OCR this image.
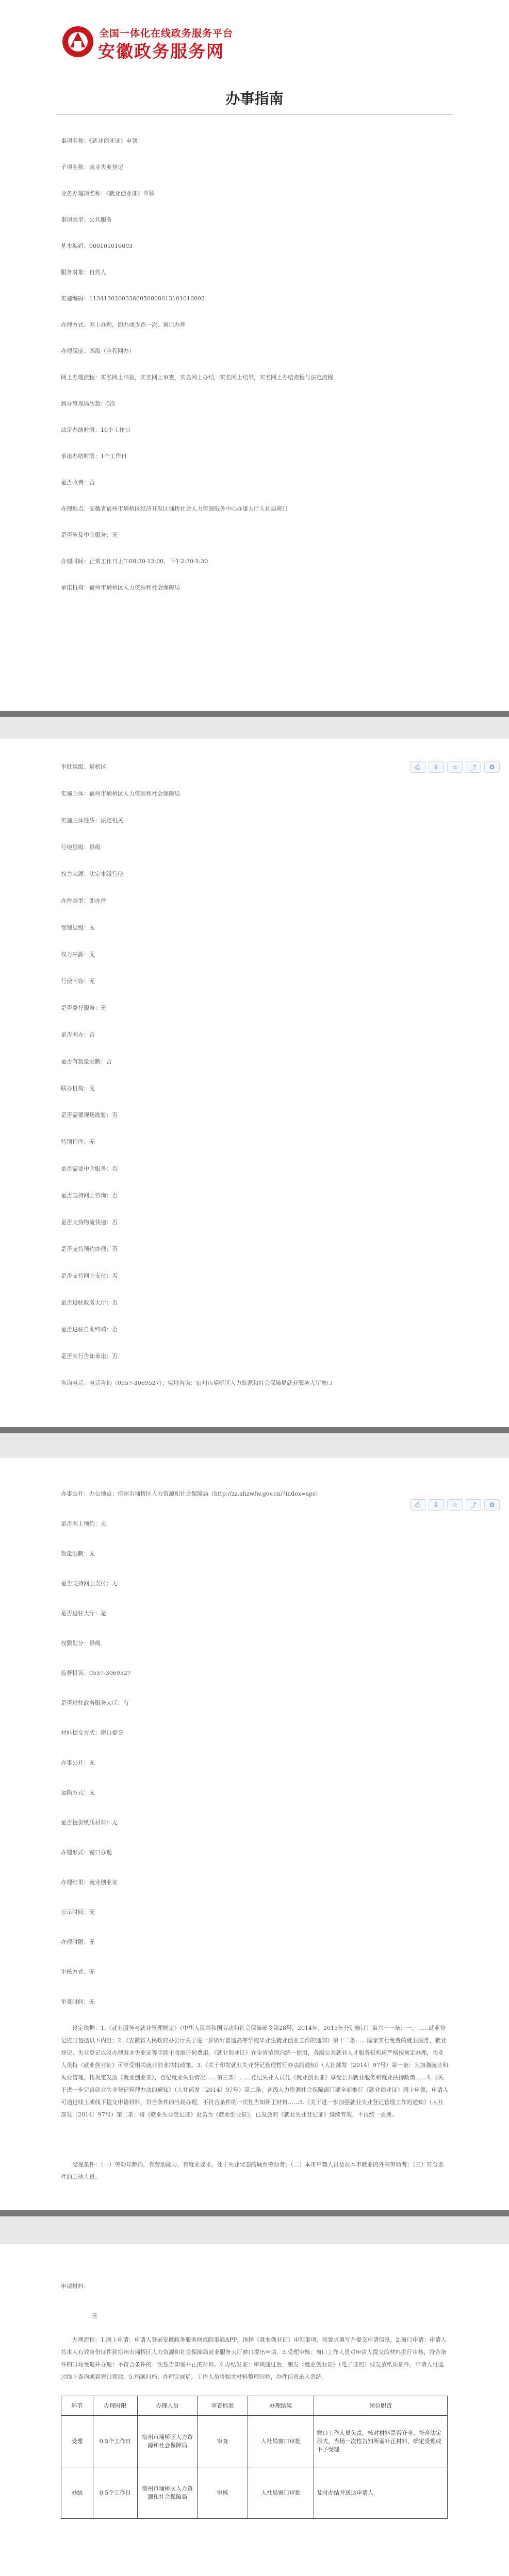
全国一体化在线政务服务平台
安徽政务服务网
办事指南
事项名称：《就业创业证》申领
子项名称：就业失业登记
业务办理项名称：《就业创业证》申领
事项类型：公共服务
基本编码：000101016003
服务对象：自然人
实施编码：11341302003366050800013101016003
办理方式：网上办理，即办或少跑一次，窗口办理
办理深度：四级（全程网办）
网上办理流程：实名网上申报，实名网上审查，实名网上办结，实名网上结果，实名网上办结流程与法定流程
到办事现场次数：0次
法定办结时限：10个工作日
承诺办结时限：1个工作日
是否收费：否
办理地点：安徽省宿州市埇桥区经济开发区埇桥社会人力资源服务中心办事大厅人社局窗口
是否涉及中介服务：无
办理时间：正常工作日上午08:30-12:00，下午2:30-5:30
承诺机构：宿州市埇桥区人力资源和社会保障局
⎙	⇩	☆	⤴	⚙
审批层级：埇桥区
实施主体：宿州市埇桥区人力资源和社会保障局
实施主体性质：法定机关
行使层级：县级
权力来源：法定本级行使
办件类型：即办件
受理层级：无
权力来源：无
行使内容：无
是否委托服务：无
是否网办：否
是否有数量限制：否
联办机构：无
是否需要现场勘验：否
特别程序：无
是否需要中介服务：否
是否支持网上咨询：否
是否支持物流快递：否
是否支持预约办理：否
是否支持网上支付：否
是否进驻政务大厅：否
是否进驻自助终端：否
是否实行告知承诺：否
咨询电话：电话咨询（0557-3069527）；实地咨询：宿州市埇桥区人力资源和社会保障局就业服务大厅窗口
⎙	⇩	☆	⤴	⚙
办事公开：办公地点：宿州市埇桥区人力资源和社会保障局（http://zz.ahzwfw.gov.cn/?index=sps）
是否网上预约：无
数量限制：无
是否支持网上支付：无
是否进驻大厅：是
权限划分：县级
监督投诉：0557-3069527
是否进驻政务服务大厅：有
材料提交方式：窗口提交
办事公开：无
运输方式：无
是否提供纸质材料：无
办理形式：窗口办理
办理结果：就业创业证
公示时间：无
办理时限：无
审核方式：无
审查时间：无

设定依据：1.《就业服务与就业管理规定》（中华人民共和国劳动和社会保障部令第28号，2014年、2015年分别修订）第六十一条：一、……就业登记应当包括以下内容；2.《安徽省人民政府办公厅关于进一步做好普通高等学校毕业生就业创业工作的通知》第十二条……国家实行免费的就业服务，就业登记、失业登记以及办理就业失业证等手续不收取任何费用。《就业创业证》在全省范围内统一使用，各级公共就业人才服务机构应严格按规定办理，失业人员持《就业创业证》可享受相关就业创业扶持政策。3.《关于印发就业失业登记管理暂行办法的通知》（人社部发〔2014〕97号）第一条：为加强就业和失业管理，按规定发放《就业创业证》，登记就业失业情况……第三条：……登记失业人员凭《就业创业证》享受公共就业服务和就业扶持政策……4.《关于进一步完善就业失业登记管理办法的通知》（人社部发〔2014〕97号）第二条：各级人力资源社会保障部门要全面推行《就业创业证》网上申领，申请人可通过线上或线下提交申请材料，符合条件的当场办理，不符合条件的一次性告知补正材料……5.《关于进一步加强就业失业登记管理工作的通知》（人社部发〔2014〕97号）第二条：将《就业失业登记证》更名为《就业创业证》，已发放的《就业失业登记证》继续有效，不再统一更换。

受理条件：（一）劳动年龄内，有劳动能力、有就业要求、处于失业状态的城乡劳动者；（二）本市户籍人员及在本市就业的外来劳动者；（三）符合条件的其他人员。

申请材料：
无

办理流程：1.网上申请：申请人登录安徽政务服务网或皖事通APP，选择《就业创业证》申领事项，按要求填写并提交申请信息。2.窗口申请：申请人持本人有效身份证件到宿州市埇桥区人力资源和社会保障局就业服务大厅窗口提出申请。3.受理审核：窗口工作人员对申请人提交的材料进行审核，符合条件的当场受理并办理；不符合条件的一次性告知需补正的材料。4.办结发证：审核通过后，制发《就业创业证》（电子证照）或发放纸质证件，申请人可通过线上查询或到窗口领取。5.档案归档：办理完成后，工作人员将相关材料整理归档，办件信息录入系统。

环节	办理时限	办理人员	审查标准	办理结果	岗位职责
受理	0.5个工作日	宿州市埇桥区人力资源和社会保障局	审查	人社局窗口审批	窗口工作人员负责，核对材料是否齐全，符合法定形式，当场一次性告知所需补正材料，确定受理或不予受理
办结	0.5个工作日	宿州市埇桥区人力资源和社会保障局	审核	人社局窗口审批	及时办结并送达申请人
